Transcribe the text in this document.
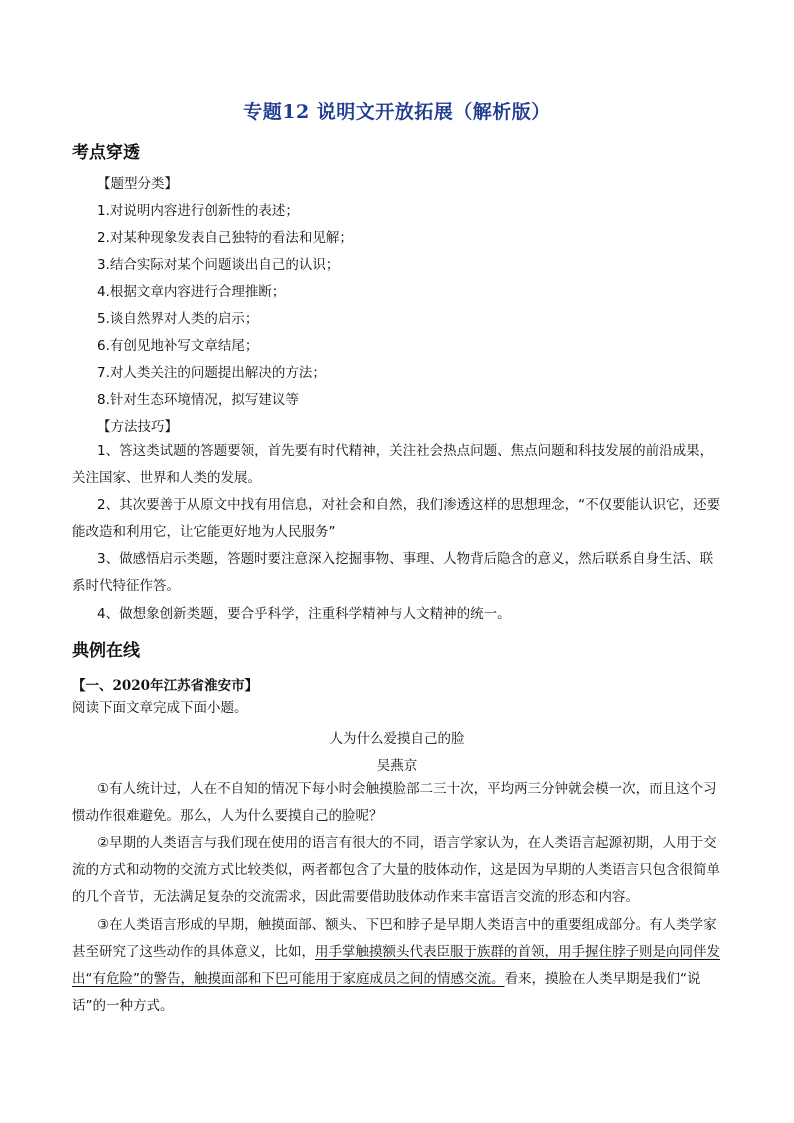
专题12 说明文开放拓展（解析版）
考点穿透
【题型分类】
1.对说明内容进行创新性的表述；
2.对某种现象发表自己独特的看法和见解；
3.结合实际对某个问题谈出自己的认识；
4.根据文章内容进行合理推断；
5.谈自然界对人类的启示；
6.有创见地补写文章结尾；
7.对人类关注的问题提出解决的方法；
8.针对生态环境情况，拟写建议等
【方法技巧】
1、答这类试题的答题要领，首先要有时代精神，关注社会热点问题、焦点问题和科技发展的前沿成果，关注国家、世界和人类的发展。
2、其次要善于从原文中找有用信息，对社会和自然，我们渗透这样的思想理念，“不仅要能认识它，还要能改造和利用它，让它能更好地为人民服务”
3、做感悟启示类题，答题时要注意深入挖掘事物、事理、人物背后隐含的意义，然后联系自身生活、联系时代特征作答。
4、做想象创新类题，要合乎科学，注重科学精神与人文精神的统一。
典例在线
【一、2020年江苏省淮安市】
阅读下面文章完成下面小题。
人为什么爱摸自己的脸
吴燕京
①有人统计过，人在不自知的情况下每小时会触摸脸部二三十次，平均两三分钟就会模一次，而且这个习惯动作很难避免。那么，人为什么要摸自己的脸呢？
②早期的人类语言与我们现在使用的语言有很大的不同，语言学家认为，在人类语言起源初期，人用于交流的方式和动物的交流方式比较类似，两者都包含了大量的肢体动作，这是因为早期的人类语言只包含很简单的几个音节，无法满足复杂的交流需求，因此需要借助肢体动作来丰富语言交流的形态和内容。
③在人类语言形成的早期，触摸面部、额头、下巴和脖子是早期人类语言中的重要组成部分。有人类学家甚至研究了这些动作的具体意义，比如，用手掌触摸额头代表臣服于族群的首领，用手握住脖子则是向同伴发出“有危险”的警告，触摸面部和下巴可能用于家庭成员之间的情感交流。看来，摸脸在人类早期是我们“说话”的一种方式。
